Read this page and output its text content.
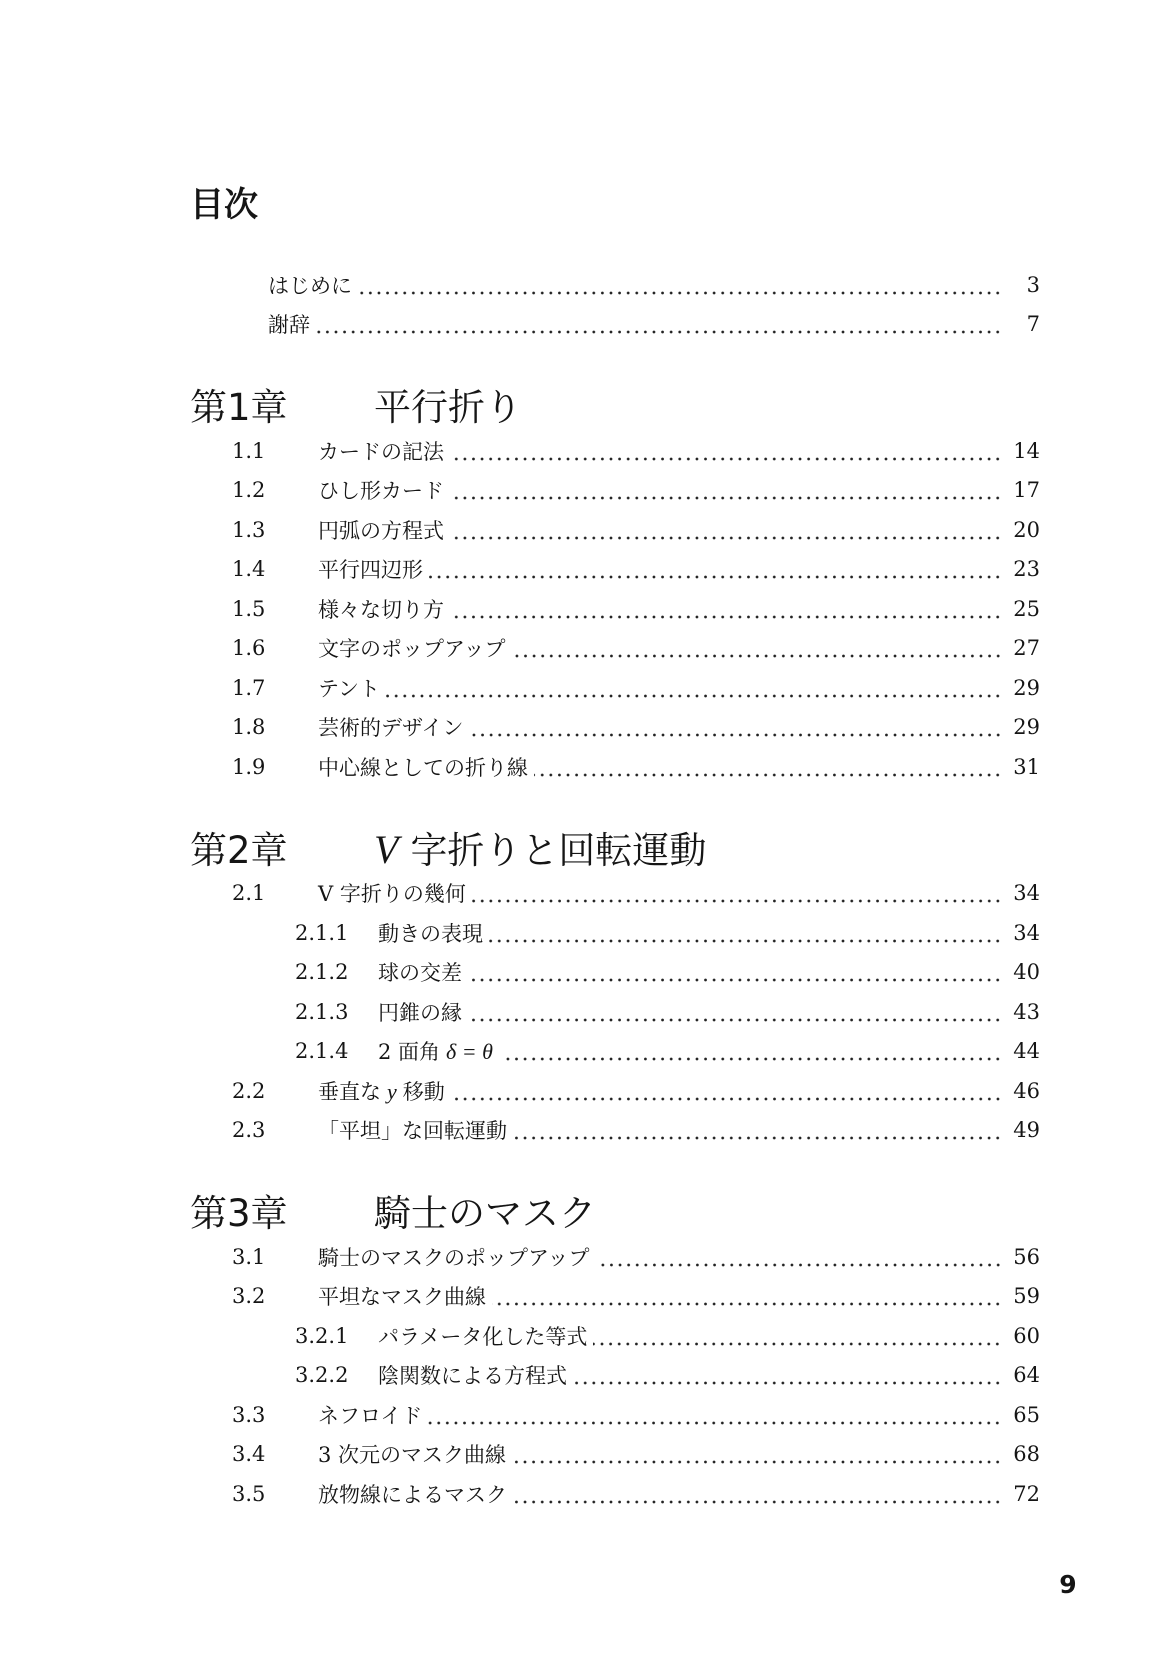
目次
はじめに	3
謝辞	7
第1章	平行折り
1.1	カードの記法	14
1.2	ひし形カード	17
1.3	円弧の方程式	20
1.4	平行四辺形	23
1.5	様々な切り方	25
1.6	文字のポップアップ	27
1.7	テント	29
1.8	芸術的デザイン	29
1.9	中心線としての折り線	31
第2章	V 字折りと回転運動
2.1	V 字折りの幾何	34
2.1.1	動きの表現	34
2.1.2	球の交差	40
2.1.3	円錐の縁	43
2.1.4	2 面角 δ = θ	44
2.2	垂直な y 移動	46
2.3	「平坦」な回転運動	49
第3章	騎士のマスク
3.1	騎士のマスクのポップアップ	56
3.2	平坦なマスク曲線	59
3.2.1	パラメータ化した等式	60
3.2.2	陰関数による方程式	64
3.3	ネフロイド	65
3.4	3 次元のマスク曲線	68
3.5	放物線によるマスク	72
9
